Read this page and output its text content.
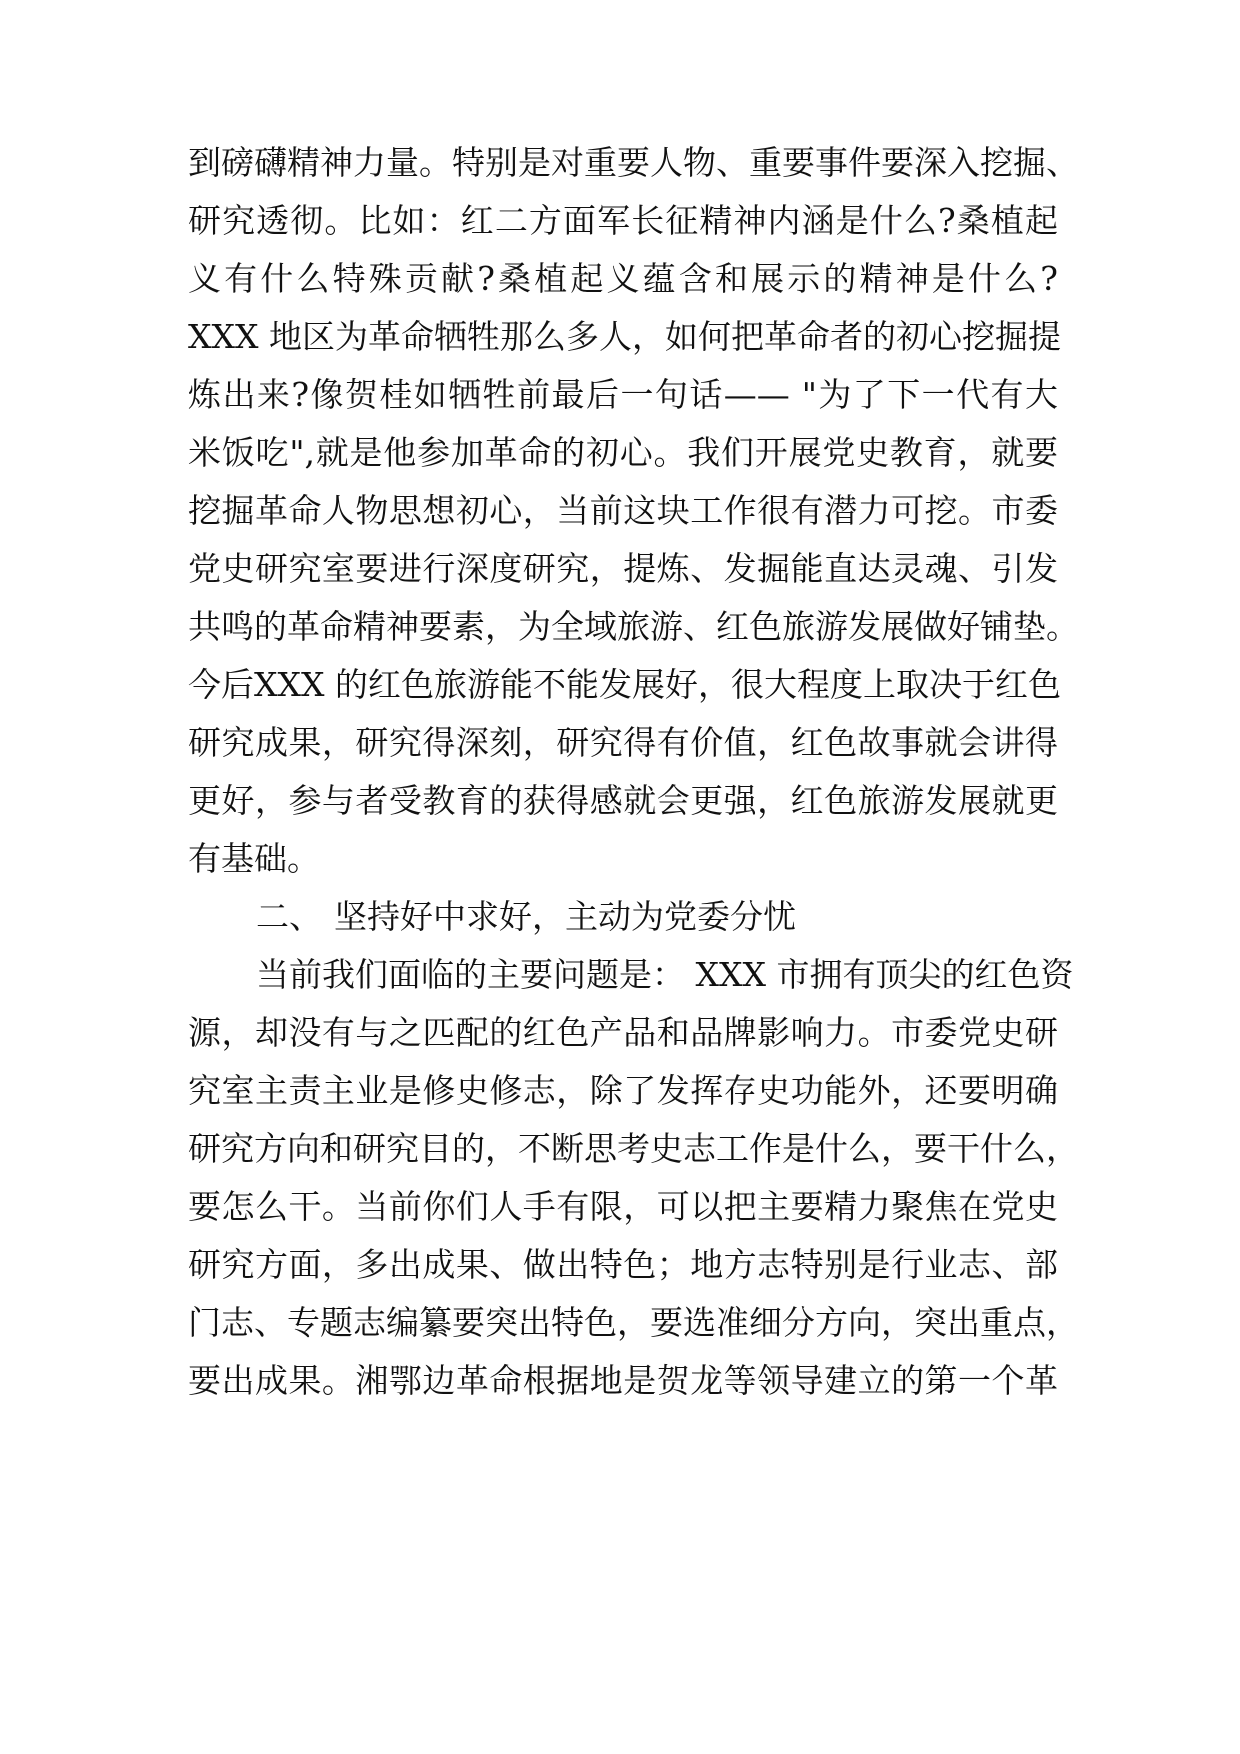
到磅礴精神力量。特别是对重要人物、重要事件要深入挖掘、
研究透彻。比如：红二方面军长征精神内涵是什么?桑植起
义有什么特殊贡献?桑植起义蕴含和展示的精神是什么?
XXX 地区为革命牺牲那么多人，如何把革命者的初心挖掘提
炼出来?像贺桂如牺牲前最后一句话—— "为了下一代有大
米饭吃",就是他参加革命的初心。我们开展党史教育，就要
挖掘革命人物思想初心，当前这块工作很有潜力可挖。市委
党史研究室要进行深度研究，提炼、发掘能直达灵魂、引发
共鸣的革命精神要素，为全域旅游、红色旅游发展做好铺垫。
今后XXX 的红色旅游能不能发展好，很大程度上取决于红色
研究成果，研究得深刻，研究得有价值，红色故事就会讲得
更好，参与者受教育的获得感就会更强，红色旅游发展就更
有基础。
二、 坚持好中求好，主动为党委分忧
当前我们面临的主要问题是： XXX 市拥有顶尖的红色资
源，却没有与之匹配的红色产品和品牌影响力。市委党史研
究室主责主业是修史修志，除了发挥存史功能外，还要明确
研究方向和研究目的，不断思考史志工作是什么，要干什么，
要怎么干。当前你们人手有限，可以把主要精力聚焦在党史
研究方面，多出成果、做出特色；地方志特别是行业志、部
门志、专题志编纂要突出特色，要选准细分方向，突出重点，
要出成果。湘鄂边革命根据地是贺龙等领导建立的第一个革
